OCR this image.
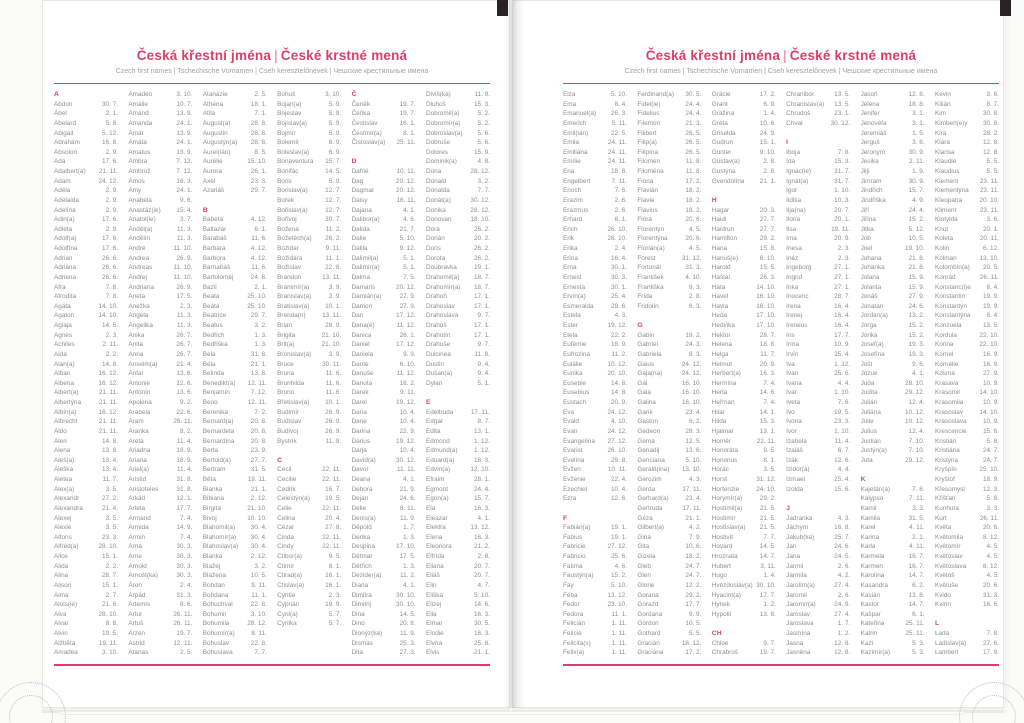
Česká křestní jména | České krstné mená
Czech first names | Tschechische Vornamen | Cseh keresztelőnevek | Чешские крестильные имена
A
Abdon	30. 7.
Ábel	2. 1.
Abelard	5. 8.
Abigail	5. 12.
Abrahám	16. 8.
Absolon	2. 9.
Ada	17. 6.
Adalbert(a) 21. 11.
Adam	24. 12.
Adéla	2. 9.
Adelaida	2. 9.
Adelína	2. 9.
Adin(a)	17. 6.
Adléta	2. 9.
Adolf(a)	17. 6.
Adolfína	17. 6.
Adrian	26. 6.
Adriána	26. 6.
Adriena	26. 6.
Afra	7. 8.
Afrodita	7. 8.
Agáta	14. 10.
Agaton	14. 10.
Aglaja	14. 5.
Agnes	2. 3.
Achiles	2. 11.
Aida	2. 2.
Alan(a)	14. 8.
Alban	16. 12.
Albena	16. 12.
Albert(a)	21. 11.
Albertýna	21. 11.
Albín(a)	16. 12.
Albrecht	21. 11.
Aldo	21. 11.
Alen	14. 8.
Alena	13. 8.
Aleš(a)	13. 4.
Aleška	13. 4.
Aletea	11. 7.
Alex(a)	3. 5.
Alexandr	27. 2.
Alexandra	21. 4.
Alexej	3. 5.
Alexie	3. 5.
Alfons	23. 3.
Alfréd(a)	28. 10.
Alice	15. 1.
Alida	2. 2.
Alina	28. 7.
Alison	15. 1.
Alma	2. 7.
Alois(ie)	21. 6.
Alva	28. 10.
Alvar	8. 8.
Alvin	19. 5.
Alžběta	19. 11.
Amadea	3. 10.
Amadeo	3. 10.
Amálie	10. 7.
Amand	13. 9.
Amanda	24. 1.
Amát	13. 9.
Amáta	24. 1.
Amatus	13. 9.
Ambra	7. 12.
Ambrož	7. 12.
Ámos	16. 3.
Amy	24. 1.
Anabela	9. 6.
Anastáz(ie) 15. 4.
Anatol(ie)	3. 7.
Anděl(a)	11. 3.
Andělín	11. 3.
André	11. 10.
Andrea	26. 9.
Andreas	11. 10.
Andrej	11. 10.
Andriana	26. 9.
Aneta	17. 5.
Anežka	2. 3.
Angela	11. 3.
Angelika	11. 3.
Anika	26. 7.
Anita	26. 7.
Anna	26. 7.
Anselm(a)	21. 4.
Antal	13. 6.
Antonie	12. 6.
Antonín	13. 6.
Apolena	9. 2.
Arabela	22. 6.
Aram	26. 11.
Aranka	8. 2.
Areta	11. 4.
Ariadna	18. 9.
Ariana	18. 9.
Ariel(a)	11. 4.
Aristid	31. 8.
Aristoteles	31. 8.
Arkád	12. 1.
Arleta	17. 7.
Armand	7. 4.
Armida	14. 9.
Armin	7. 4.
Arna	30. 3.
Arne	30. 3.
Arnold	30. 3.
Arnošt(ka)	30. 3.
Áron	2. 4.
Arpád	31. 3.
Artemis	8. 6.
Artur	26. 11.
Artuš	26. 11.
Arzen	19. 7.
Astrid	12. 11.
Atanas	2. 5.
Atanázie	2. 5.
Athéna	18. 1.
Atila	7. 1.
August(a)	28. 8.
Augustin	28. 8.
Augustýn(a) 28. 8.
Aurel(ián)	8. 5.
Aurélie	15. 10.
Aurora	26. 1.
Axel	23. 3.
Azariáš	29. 7.
B
Babeta	4. 12.
Baltazar	6. 1.
Barabáš	11. 6.
Barbara	4. 12.
Barbora	4. 12.
Barnabáš	11. 6.
Bartoloměj	24. 8.
Bazil	2. 1.
Beata	25. 10.
Beáta	25. 10.
Beatrice	29. 7.
Beatus	3. 2.
Bedřich	1. 3.
Bedřiška	1. 3.
Bela	31. 8.
Béla	21. 1.
Belinda	13. 8.
Benedikt(a) 12. 11.
Benjamín	7. 12.
Beno	12. 11.
Berenika	7. 2.
Bernard(a)	20. 8.
Bernardeta	20. 8.
Bernardína	20. 8.
Berta	23. 9.
Bertold(a)	27. 7.
Bertram	31. 5.
Běta	19. 11.
Bianka	21. 1.
Bibiana	2. 12.
Birgita	21. 10.
Bivoj	10. 10.
Blahomil(a) 30. 4.
Blahomír(a) 30. 4.
Blahoslav(a) 30. 4.
Blanka	2. 12.
Blažej	3. 2.
Blažena	10. 5.
Bohdan	9. 11.
Bohdana	11. 1.
Bohuchval	22. 8.
Bohumil	3. 10.
Bohumila	28. 12.
Bohumír(a)	8. 11.
Bohuslav	22. 8.
Bohuslava	7. 7.
Bohuš	3. 10.
Bojan(a)	5. 9.
Bojeslav	5. 9.
Bojislav(a)	5. 9.
Bojmír	5. 9.
Bolemír	6. 9.
Boleslav(a)	6. 9.
Bonaventura 15. 7.
Bonifác	14. 5.
Boris	5. 9.
Borislav(a)	12. 7.
Bořek	12. 7.
Bořislav(a)	12. 7.
Bořivoj	30. 7.
Božena	11. 2.
Božetěch(a) 26. 2.
Božidar	9. 11.
Božidara	11. 1.
Božislav	22. 8.
Brandon	13. 11.
Branimír(a)	3. 9.
Branislav(a)	3. 9.
Bratislav(a) 10. 1.
Brenda(n)	13. 11.
Brian	28. 9.
Brigita	21. 10.
Brit(a)	21. 10.
Bronislav(a)	3. 9.
Bruce	30. 11.
Bruna	11. 6.
Brunhilda	11. 6.
Bruno	11. 6.
Břetislav(a) 10. 1.
Budimír	26. 9.
Budislav	26. 9.
Budivoj	26. 9.
Bystrík	11. 9.
C
Cecil	22. 11.
Cecilie	22. 11.
Cedrik	16. 7.
Celestýn(a) 19. 5.
Celie	22. 11.
Celina	20. 4.
Cézar	27. 8.
Cinda	22. 11.
Cindy	22. 11.
Ctibor(a)	9. 5.
Ctimír	8. 1.
Ctirad(a)	16. 1.
Ctislav(a)	16. 1.
Cyntie	2. 3.
Cyprián	19. 9.
Cyril(a)	5. 7.
Cyrilka	5. 7.
Č
Čeněk	19. 7.
Čeňka	19. 7.
Čestislav	16. 1.
Čestmír(a)	8. 1.
Čistoslav(a) 25. 11.
D
Dafné	10. 11.
Dag	20. 12.
Dagmar	20. 12.
Daisy	16. 11.
Dajana	4. 1.
Dalibor(a)	4. 6.
Dalida	21. 7.
Dalie	5. 10.
Dalila	9. 12.
Dalimil(a)	5. 1.
Dalimír(a)	5. 1.
Dalma	7. 5.
Damaris	20. 12.
Damián(a)	27. 9.
Damon	27. 9.
Dan	17. 12.
Dana(é)	11. 12.
Danica	26. 1.
Daniel	17. 12.
Daniela	9. 9.
Dante	6. 10.
Danuše	11. 12.
Danuta	16. 2.
Darek	9. 11.
Darel	19. 12.
Daria	10. 4.
Darie	10. 4.
Darina	22. 9.
Darius	19. 12.
Darja	10. 4.
David(a)	30. 12.
Davor	11. 11.
Deana	4. 1.
Debora	21. 9.
Dejan	24. 6.
Delie	8. 11.
Denis(a)	11. 9.
Děpold	1. 7.
Derika	1. 3.
Despina	17. 10.
Dětmar	17. 5.
Dětřich	1. 3.
Dezider(a)	11. 2.
Diana	4. 1.
Dimitra	30. 10.
Dimitrij	30. 10.
Dina	14. 5.
Dino	20. 8.
Dionýz(ka)	11. 9.
Dismas	25. 3.
Dita	27. 3.
Diviš(ka)	11. 9.
Dluhoš	15. 3.
Dobromil(a)	5. 2.
Dobromír(a)	5. 2.
Dobroslav(a) 5. 6.
Dobruše	5. 6.
Dolores	15. 9.
Dominik(a)	4. 8.
Dona	28. 12.
Donald	3. 2.
Donalda	7. 7.
Donát(a)	30. 12.
Donika	28. 12.
Donovan	18. 10.
Dora	26. 2.
Dorián	20. 2.
Doris	26. 2.
Dorota	26. 2.
Doubravka	19. 1.
Drahomil(a) 18. 7.
Drahomír(a) 18. 7.
Drahoň	17. 1.
Drahoslav	17. 1.
Drahoslava	9. 7.
Drahoš	17. 1.
Drahotín	17. 1.
Drahuše	9. 7.
Dulcinea	11. 8.
Dustin	9. 4.
Dušan(a)	9. 4.
Dylan	5. 1.
E
Edeltruda	17. 11.
Edgar	8. 7.
Edita	13. 1.
Edmond	1. 12.
Edmund(a)	1. 12.
Eduard(a)	18. 3.
Edvín(a)	12. 10.
Efraim	28. 1.
Egmont	24. 4.
Egon(a)	15. 7.
Ela	16. 3.
Eleazar	4. 1.
Elektra	13. 12.
Elena	16. 3.
Eleonora	21. 2.
Elfrída	2. 8.
Eliana	20. 7.
Eliáš	20. 7.
Elin	4. 7.
Eliška	5. 10.
Elizej	14. 6.
Ella	16. 3.
Elmar	30. 5.
Elodie	16. 3.
Elvíra	25. 8.
Elvis	21. 1.
Česká křestní jména | České krstné mená
Czech first names | Tschechische Vornamen | Cseh keresztelőnevek | Чешские крестильные имена
Elza	5. 10.
Ema	8. 4.
Emanuel(a) 26. 3.
Emerich	5. 11.
Emil(ián)	22. 5.
Emila	24. 11.
Emiliána	24. 11.
Emílie	24. 11.
Ena	18. 8.
Engelbert	7. 11.
Enoch	7. 6.
Erazim	2. 6.
Erazmus	2. 6.
Erhard	8. 1.
Erich	26. 10.
Erik	26. 10.
Erika	2. 4.
Erina	16. 4.
Erna	30. 1.
Ernest	30. 3.
Ernesta	30. 1.
Ervín(a)	25. 4.
Esmeralda	29. 6.
Estela	4. 3.
Ester	19. 12.
Etela	22. 2.
Eufémie	18. 9.
Eufrozina	11. 2.
Eulálie	10. 12.
Eunika	20. 10.
Eusebie	14. 8.
Eusebius	14. 8.
Eustach	20. 9.
Eva	24. 12.
Evald	4. 10.
Evan	24. 12.
Evangelína 27. 12.
Evarist	26. 10.
Evelína	29. 8.
Evžen	10. 11.
Evženie	22. 4.
Ezechiel	10. 4.
Ezra	12. 6.
F
Fabián(a)	19. 1.
Fabius	19. 1.
Fabricie	27. 12.
Fabricio	25. 6.
Fatima	4. 6.
Faustýn(a)	15. 2.
Fay	5. 10.
Féba	13. 12.
Fedor	23. 10.
Fedora	11. 1.
Felicián	1. 11.
Felície	1. 11.
Felicita(s)	1. 11.
Felix(a)	1. 11.
Ferdinand(a) 30. 5.
Fidel(ie)	24. 4.
Fidelius	24. 4.
Filemon	21. 3.
Filibert	26. 5.
Filip(a)	26. 5.
Filipína	26. 5.
Filomen	11. 8.
Filoména	11. 8.
Fiona	17. 2.
Flavián	18. 2.
Flavie	18. 2.
Flavius	18. 2.
Flóra	20. 6.
Florentýn	4. 5.
Florentýna	20. 6.
Florián(a)	4. 5.
Forest	31. 12.
Fortunát	31. 3.
František	4. 10.
Františka	9. 3.
Frída	2. 8.
Fridolín	6. 3.
G
Gabin	19. 2.
Gabriel	24. 3.
Gabriela	8. 3.
Gaius	24. 12.
Gaja(na)	24. 12.
Gál	16. 10.
Gala	16. 10.
Galina	16. 10.
Garik	23. 4.
Gaston	6. 2.
Gedeon	28. 3.
Gema	12. 5.
Genadij	13. 6.
Genciana	5. 10.
Gerald(ina) 13. 10.
Gerozim	4. 3.
Gerda	17. 11.
Gerhard(a)	23. 4.
Gertruda	17. 11.
Géza	21. 1.
Gilbert(a)	4. 2.
Gina	7. 9.
Gita	10. 6.
Gizela	18. 2.
Gleb	24. 7.
Glen	24. 7.
Glorie	12. 2.
Gorana	29. 2.
Gorazd	17. 7.
Gordana	9. 9.
Gordon	10. 5.
Gothard	5. 5.
Gracián	18. 12.
Graciána	17. 2.
Grácie	17. 2.
Grant	6. 9.
Gražina	1. 4.
Gréta	10. 6.
Griselda	24. 9.
Gudrun	15. 1.
Gunter	9. 10.
Gustav(a)	2. 8.
Gustýna	2. 8.
Gvendolína 21. 1.
H
Hagar	20. 3.
Haidi	27. 7.
Haidrun	27. 7.
Hamilton	29. 2.
Hana	15. 8.
Hanuš(e)	6. 10.
Harold	15. 5.
Haštal	26. 3.
Háta	14. 10.
Havel	16. 10.
Havla	16. 10.
Heda	17. 10.
Hedvika	17. 10.
Hektor	28. 7.
Helena	18. 8.
Helga	11. 7.
Helmut	20. 9.
Herbert(a)	16. 3.
Hermína	7. 4.
Herta	14. 6.
Heřman	7. 4.
Hilar	14. 1.
Hilda	15. 3.
Hjalmar	13. 1.
Homér	22. 11.
Honoráta	9. 5.
Honorius	8. 1.
Horác	3. 5.
Horst	31. 12.
Hortenzie	24. 10.
Horymír(a)	29. 2.
Hostimil(a)	21. 5.
Hostimír	21. 5.
Hostislav(a) 21. 5.
Hostivít	7. 7.
Hovard	14. 5.
Hroznata	14. 7.
Hubert	3. 11.
Hugo	1. 4.
Hvězdoslav(a) 30. 10.
Hyacint(a)	17. 7.
Hynek	1. 2.
Hypolit	13. 8.
CH
Chloe	9. 7.
Chrabroš	19. 7.
Chranibor	13. 5.
Chranislav(a) 13. 5.
Chrudoš	23. 1.
Chval	30. 12.
I
Iboja	7. 8.
Ida	15. 3.
Ignác(ie)	31. 7.
Ignát(a)	31. 7.
Igor	1. 10.
Ildika	10. 3.
Ilja(na)	20. 7.
Ilona	20. 1.
Ilsa	19. 11.
Ima	20. 9.
Inesa	2. 3.
Inéz	2. 3.
Ingeborg	27. 1.
Ingrid	27. 1.
Inka	27. 1.
Inocenc	28. 7.
Irena	16. 4.
Irenej	16. 4.
Ireneus	16. 4.
Iris	17. 7.
Irma	10. 9.
Irvin	25. 4.
Iva	1. 12.
Ivan	25. 6.
Ivana	4. 4.
Ivar	1. 10.
Iveta	7. 6.
Ivo	19. 5.
Ivona	23. 3.
Ivor	1. 10.
Izabela	11. 4.
Izaiáš	6. 7.
Izák	12. 6.
Izidor(a)	4. 4.
Izmael	25. 4.
Izolda	15. 6.
J
Jadranka	4. 3.
Jáchym	16. 8.
Jakub(ka)	25. 7.
Jan	24. 6.
Jana	24. 5.
Jarmil	2. 6.
Jarmila	4. 2.
Jarolím(a)	27. 4.
Jaromil	2. 6.
Jaromír(a)	24. 9.
Jaroslav	27. 4.
Jaroslava	1. 7.
Jasmína	1. 2.
Jasna	12. 8.
Jasněna	12. 8.
Jasoň	12. 8.
Jelena	18. 8.
Jenifer	3. 1.
Jenovéfa	3. 1.
Jeremiáš	1. 5.
Jerguš	3. 8.
Jeroným	30. 9.
Jesika	2. 11.
Jiljí	1. 9.
Jimram	30. 9.
Jindřich	15. 7.
Jindřiška	4. 9.
Jiří	24. 4.
Jiřina	15. 2.
Jitka	5. 12.
Job	10. 5.
Joel	19. 10.
Johana	21. 8.
Johanka	21. 8.
Jolana	15. 9.
Jolanta	15. 9.
Jonáš	27. 9.
Jonatan	24. 6.
Jordan(a)	13. 2.
Jorga	15. 2.
Jorika	15. 2.
Josef(a)	19. 3.
Josefína	19. 3.
Jošt	9. 6.
Jozue	4. 1.
Juda	28. 10.
Judita	29. 12.
Julián	12. 4.
Juliána	10. 12.
Julie	10. 12.
Julius	12. 4.
Justián	7. 10.
Justýn(a)	7. 10.
Juta	29. 12.
K
Kajetán(a)	7. 8.
Kalypso	7. 11.
Kamil	3. 3.
Kamila	31. 5.
Karel	4. 11.
Karina	2. 1.
Karla	4. 11.
Karmela	16. 7.
Karmen	16. 7.
Karolína	14. 7.
Kasandra	6. 2.
Kasián	13. 8.
Kastor	14. 7.
Kašpar	6. 1.
Kateřina	25. 11.
Katrin	25. 11.
Kazi	5. 3.
Kazimír(a)	5. 3.
Kevin	3. 6.
Kilián	8. 7.
Kim	30. 8.
Kimberl(e)y 30. 8.
Kira	28. 2.
Klára	12. 8.
Klarisa	12. 8.
Klaudie	5. 5.
Klaudius	5. 5.
Klement	23. 11.
Klementýna 23. 11.
Kleopatra	20. 10.
Kliment	23. 11.
Klotylda	3. 6.
Knut	20. 1.
Koleta	20. 11.
Kolin	6. 12.
Kolman	13. 10.
Kolombín(a) 20. 5.
Konrád	26. 11.
Konstanc(i)e 8. 4.
Konstantin	19. 9.
Konstantýn	19. 9.
Konstantýna	8. 4.
Konzuela	13. 5.
Kordula	22. 10.
Korina	22. 10.
Kornel	16. 9.
Kornélie	16. 9.
Kosma	27. 9.
Krasava	10. 9.
Krasomil	14. 10.
Krasomila	10. 9.
Krasoslav	14. 10.
Krasoslava	10. 9.
Krescencie	15. 6.
Kristián	5. 8.
Kristiána	24. 7.
Kristýna	24. 7.
Kryšpín	25. 10.
Kryštof	18. 9.
Křesomysl	12. 3.
Křišťan	5. 8.
Kunhuta	3. 3.
Kurt	26. 11.
Květa	20. 6.
Květomila	8. 12.
Květomír	4. 5.
Květoslav	4. 5.
Květoslava	8. 12.
Květoš	4. 5.
Květuše	20. 6.
Kvido	31. 3.
Kvirin	16. 6.
L
Lada	7. 8.
Ladislav(a)	27. 6.
Lambert	17. 9.
